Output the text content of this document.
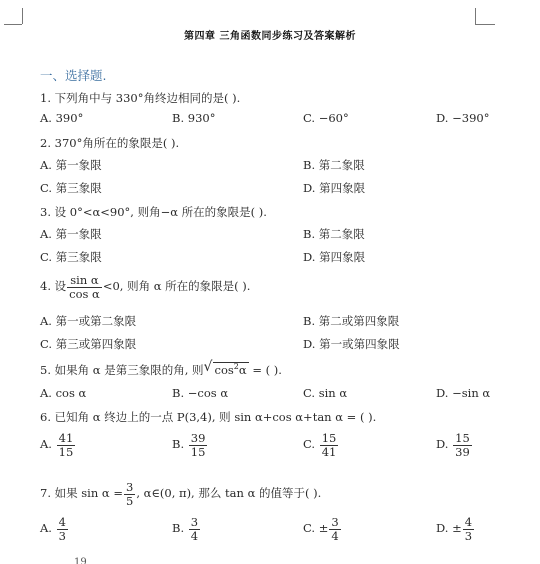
第四章 三角函数同步练习及答案解析
一、选择题.
1. 下列角中与 330°角终边相同的是( ).
A. 390°	B. 930°	C. −60°	D. −390°
2. 370°角所在的象限是( ).
A. 第一象限	B. 第二象限
C. 第三象限	D. 第四象限
3. 设 0°<α<90°, 则角−α 所在的象限是( ).
A. 第一象限	B. 第二象限
C. 第三象限	D. 第四象限
4. 设 $\frac{\text{sin α}}{\text{cos α}} <0$, 则角 α 所在的象限是( ).
A. 第一或第二象限	B. 第二或第四象限
C. 第三或第四象限	D. 第一或第四象限
5. 如果角 α 是第三象限的角, 则 √ $\cos^2\alpha$ = ( ).
A. cos α	B. −cos α	C. sin α	D. −sin α
6. 已知角 α 终边上的一点 P(3,4), 则 sin α+cos α+tan α = ( ).
A. $\frac{41}{15}$	B. $\frac{39}{15}$	C. $\frac{15}{41}$	D. $\frac{15}{39}$
7. 如果 $\sin \alpha = \frac{3}{5}$ , α∈(0, π), 那么 tan α 的值等于( ).
A. $\frac{4}{3}$	B. $\frac{3}{4}$	C. ± $\frac{3}{4}$	D. ± $\frac{4}{3}$
19
